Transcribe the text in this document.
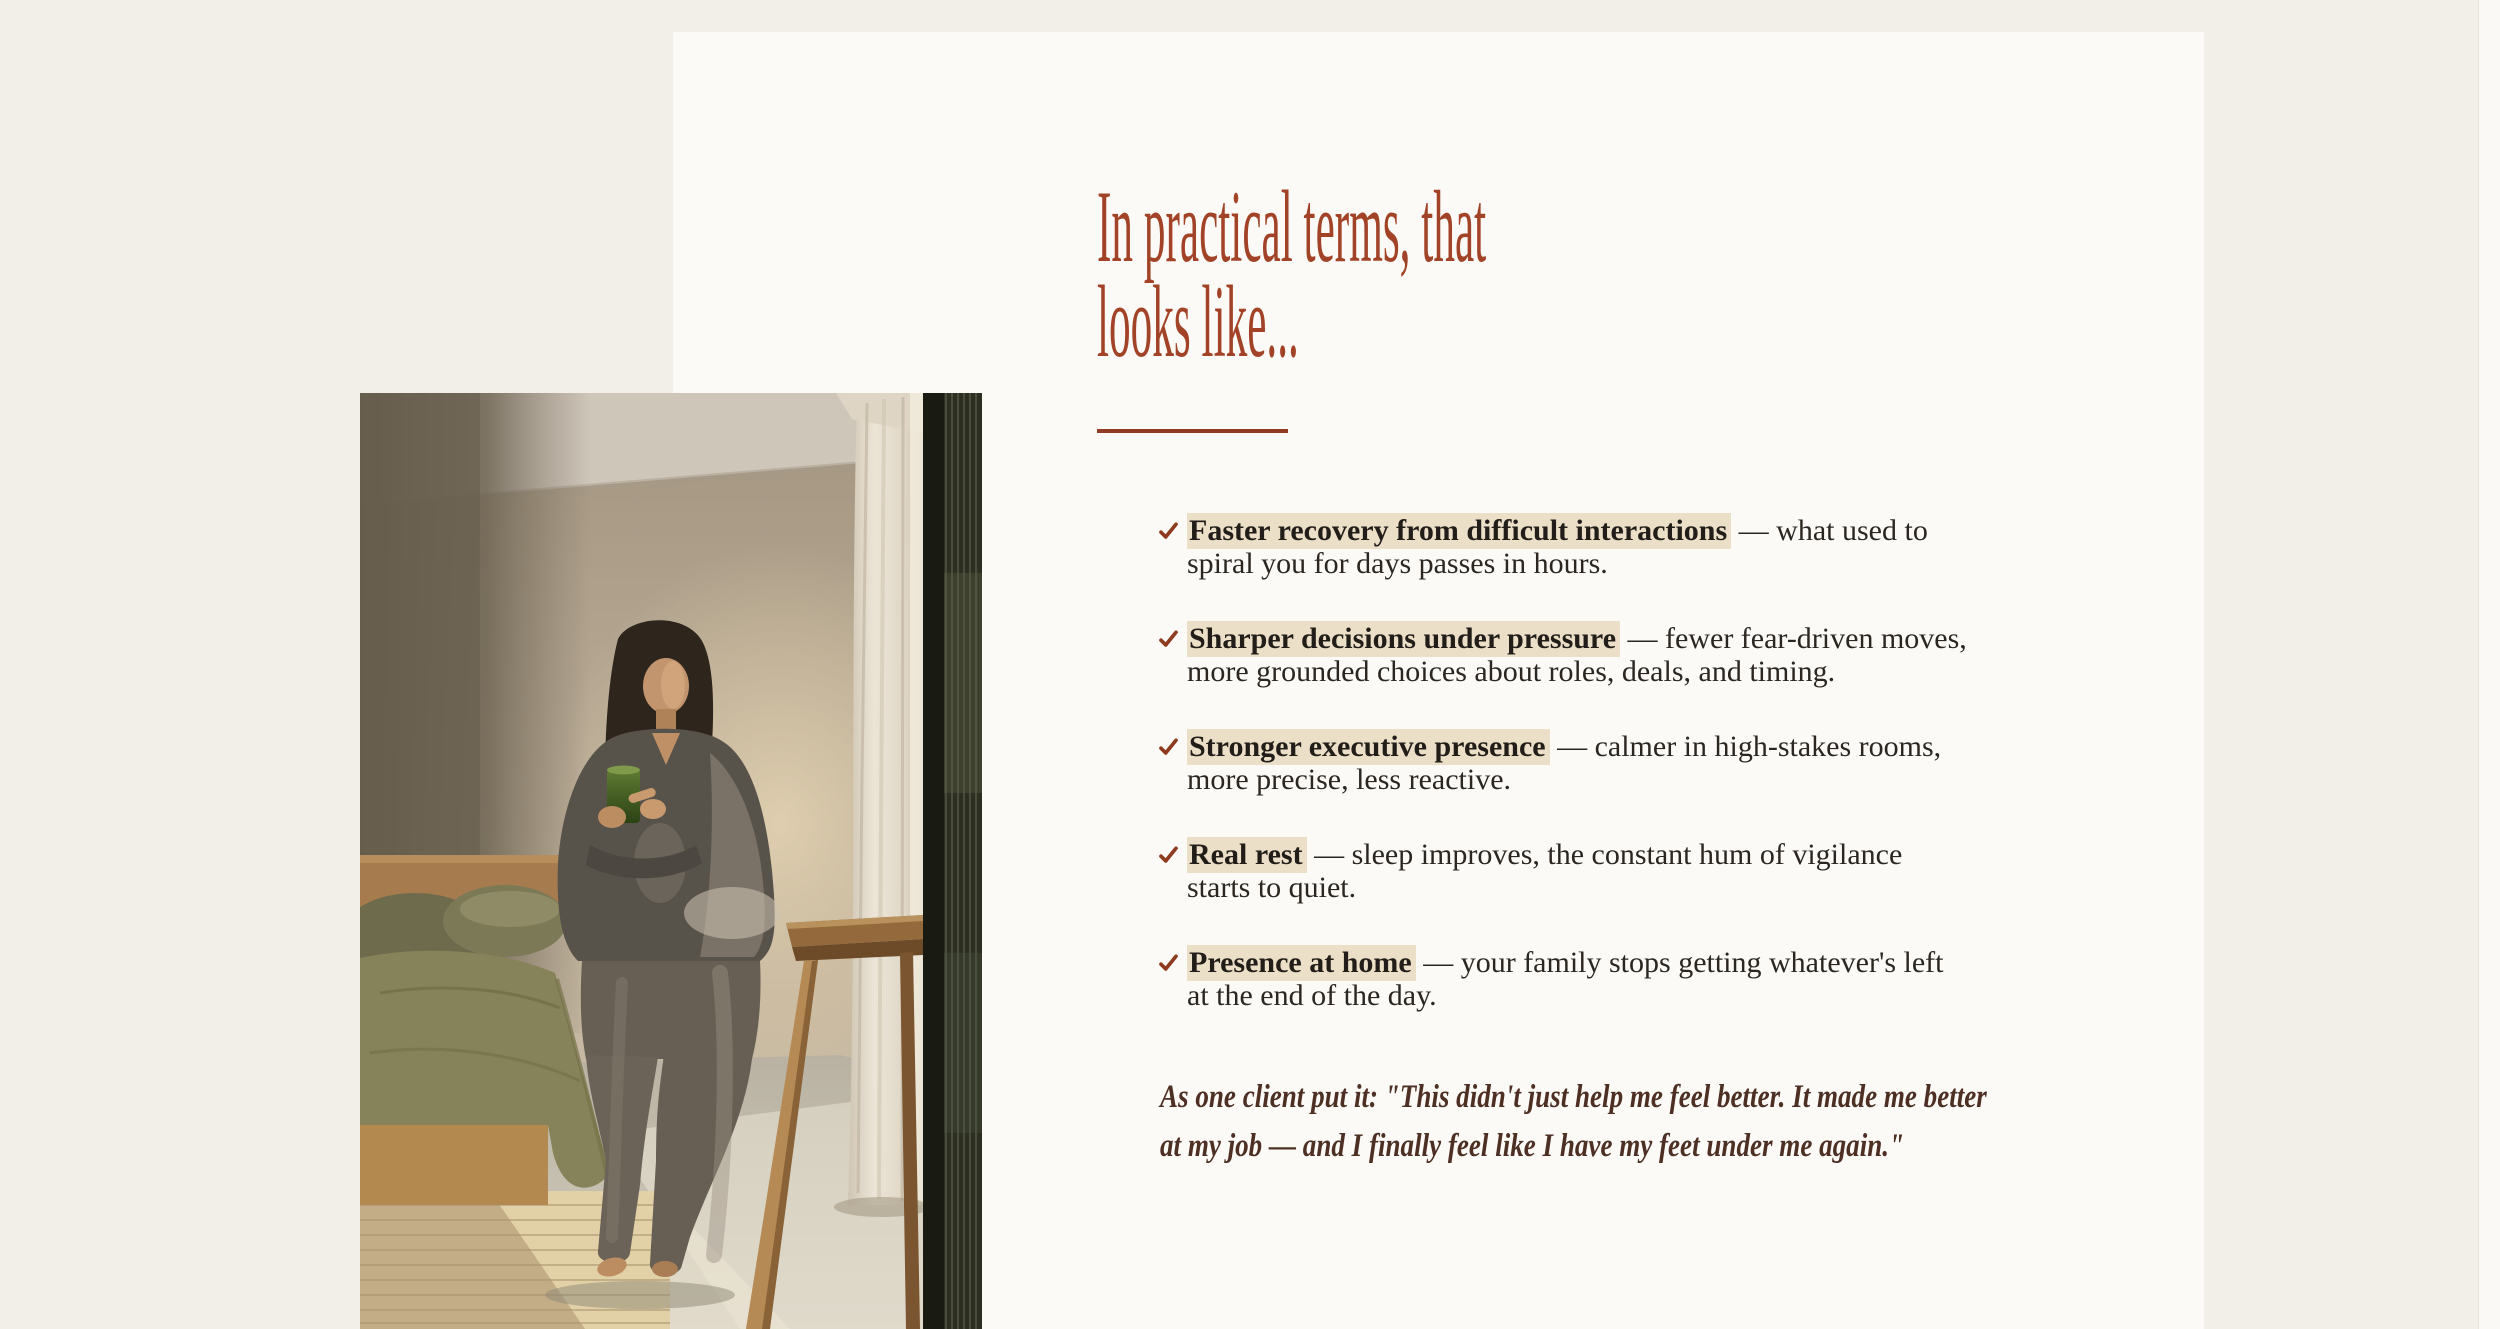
In practical terms, that
looks like...
Faster recovery from difficult interactions — what used to spiral you for days passes in hours.
Sharper decisions under pressure — fewer fear-driven moves, more grounded choices about roles, deals, and timing.
Stronger executive presence — calmer in high-stakes rooms, more precise, less reactive.
Real rest — sleep improves, the constant hum of vigilance starts to quiet.
Presence at home — your family stops getting whatever's left at the end of the day.

As one client put it: "This didn't just help me feel better. It made me better at my job — and I finally feel like I have my feet under me again."
